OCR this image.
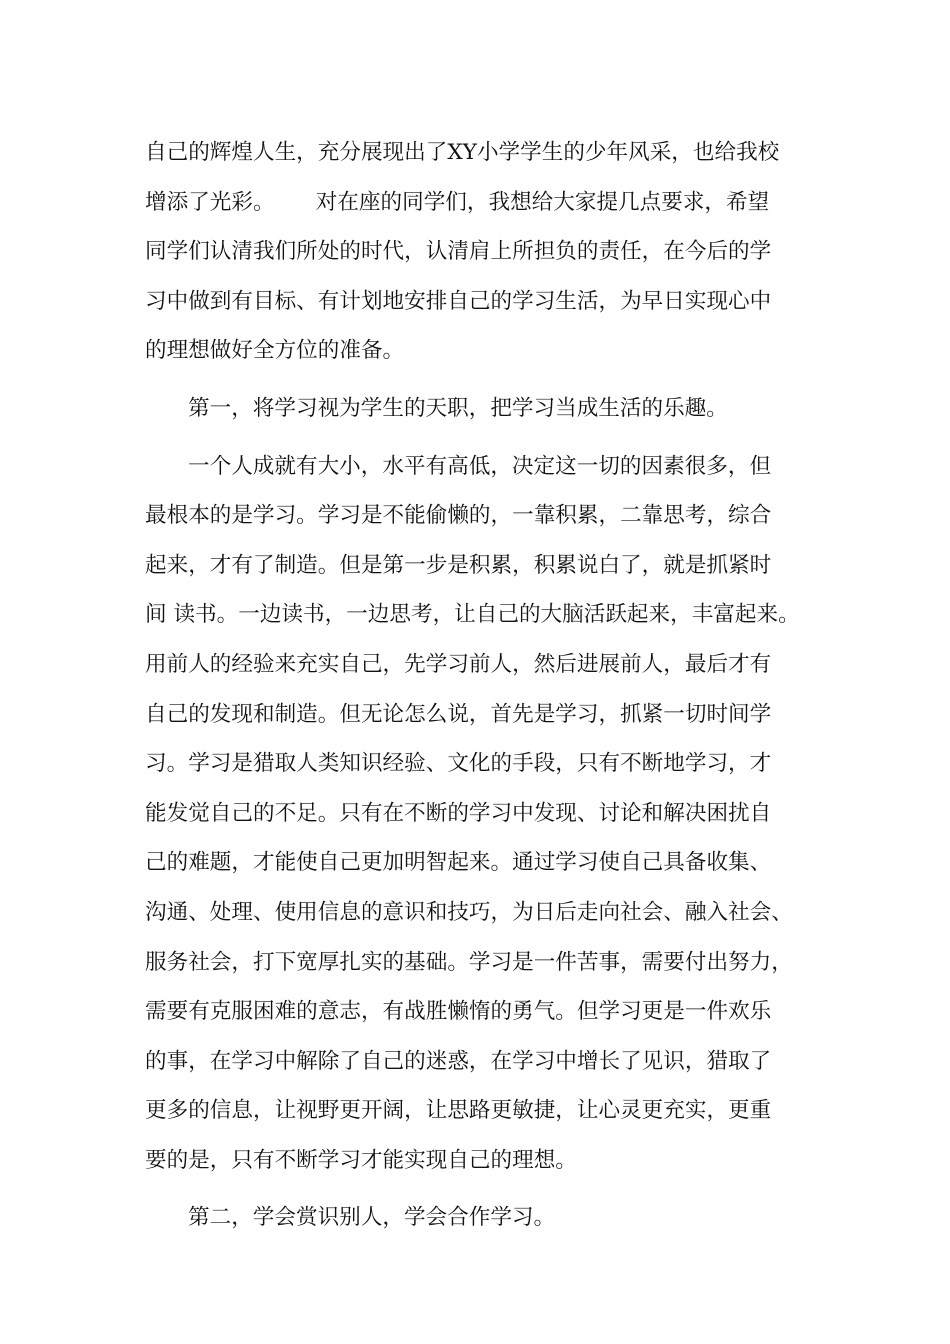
自己的辉煌人生，充分展现出了XY小学学生的少年风采，也给我校
增添了光彩。      对在座的同学们，我想给大家提几点要求，希望
同学们认清我们所处的时代，认清肩上所担负的责任，在今后的学
习中做到有目标、有计划地安排自己的学习生活，为早日实现心中
的理想做好全方位的准备。
第一，将学习视为学生的天职，把学习当成生活的乐趣。
一个人成就有大小，水平有高低，决定这一切的因素很多，但
最根本的是学习。学习是不能偷懒的，一靠积累，二靠思考，综合
起来，才有了制造。但是第一步是积累，积累说白了，就是抓紧时
间 读书。一边读书，一边思考，让自己的大脑活跃起来，丰富起来。
用前人的经验来充实自己，先学习前人，然后进展前人，最后才有
自己的发现和制造。但无论怎么说，首先是学习，抓紧一切时间学
习。学习是猎取人类知识经验、文化的手段，只有不断地学习，才
能发觉自己的不足。只有在不断的学习中发现、讨论和解决困扰自
己的难题，才能使自己更加明智起来。通过学习使自己具备收集、
沟通、处理、使用信息的意识和技巧，为日后走向社会、融入社会、
服务社会，打下宽厚扎实的基础。学习是一件苦事，需要付出努力，
需要有克服困难的意志，有战胜懒惰的勇气。但学习更是一件欢乐
的事，在学习中解除了自己的迷惑，在学习中增长了见识，猎取了
更多的信息，让视野更开阔，让思路更敏捷，让心灵更充实，更重
要的是，只有不断学习才能实现自己的理想。
第二，学会赏识别人，学会合作学习。
